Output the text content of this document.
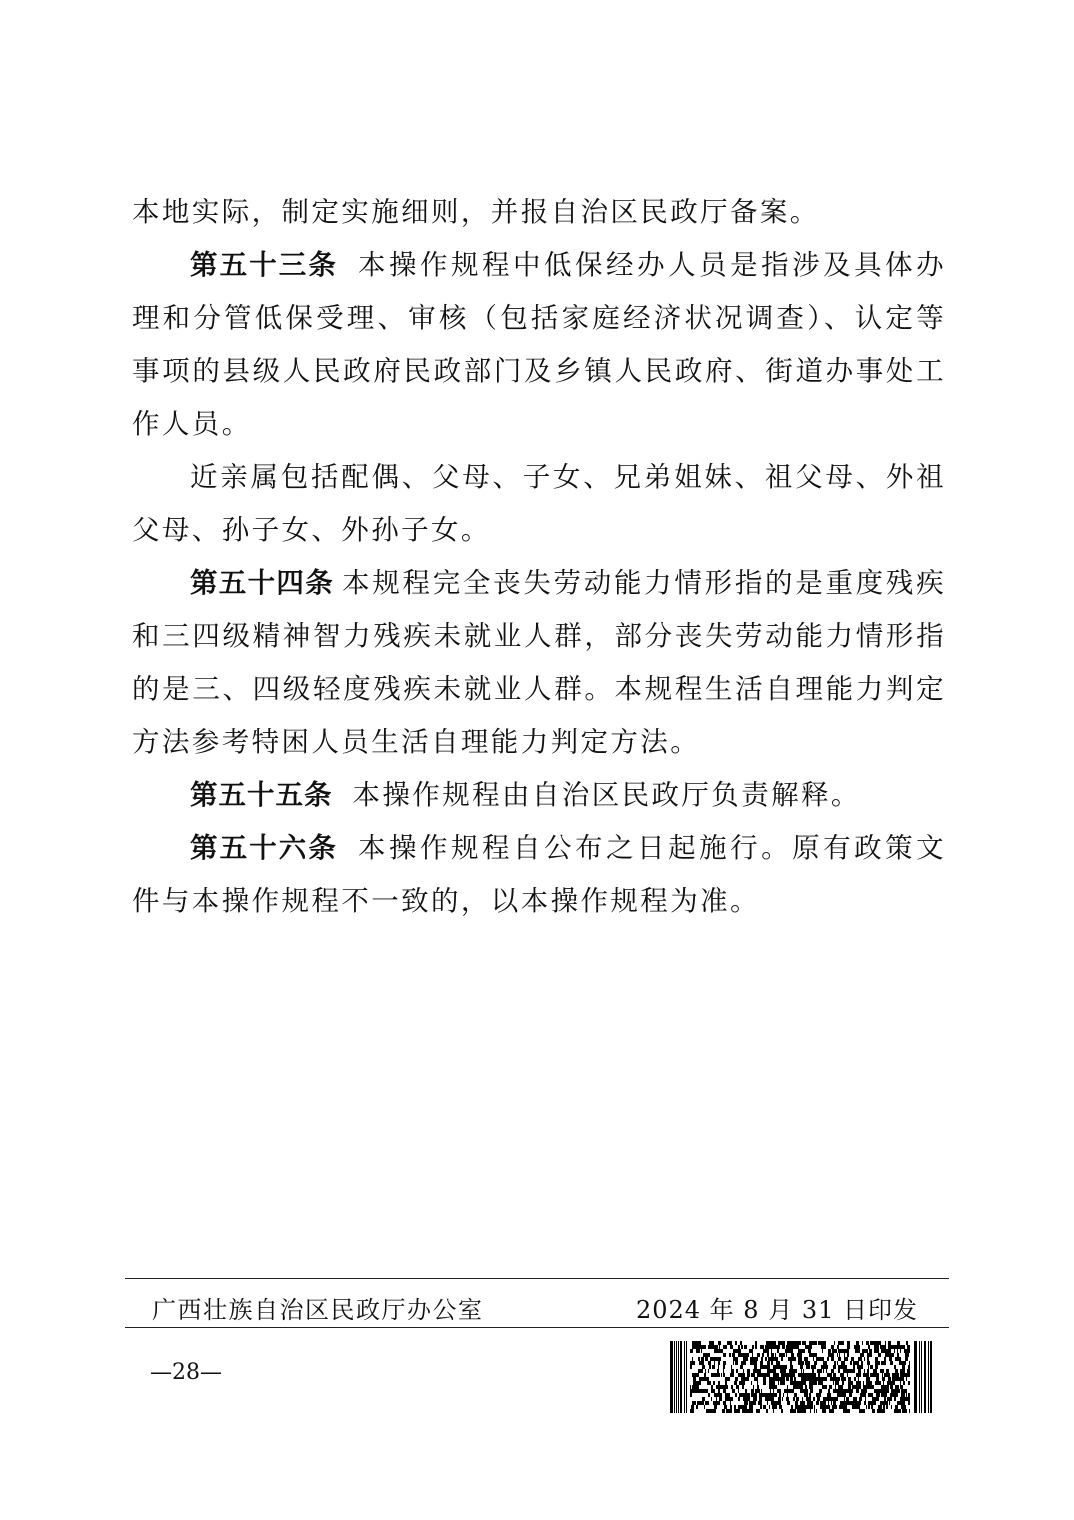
本地实际，制定实施细则，并报自治区民政厅备案。

第五十三条 本操作规程中低保经办人员是指涉及具体办理和分管低保受理、审核（包括家庭经济状况调查）、认定等事项的县级人民政府民政部门及乡镇人民政府、街道办事处工作人员。

近亲属包括配偶、父母、子女、兄弟姐妹、祖父母、外祖父母、孙子女、外孙子女。

第五十四条 本规程完全丧失劳动能力情形指的是重度残疾和三四级精神智力残疾未就业人群，部分丧失劳动能力情形指的是三、四级轻度残疾未就业人群。本规程生活自理能力判定方法参考特困人员生活自理能力判定方法。

第五十五条 本操作规程由自治区民政厅负责解释。

第五十六条 本操作规程自公布之日起施行。原有政策文件与本操作规程不一致的，以本操作规程为准。

广西壮族自治区民政厅办公室	2024 年 8 月 31 日印发
—28—
